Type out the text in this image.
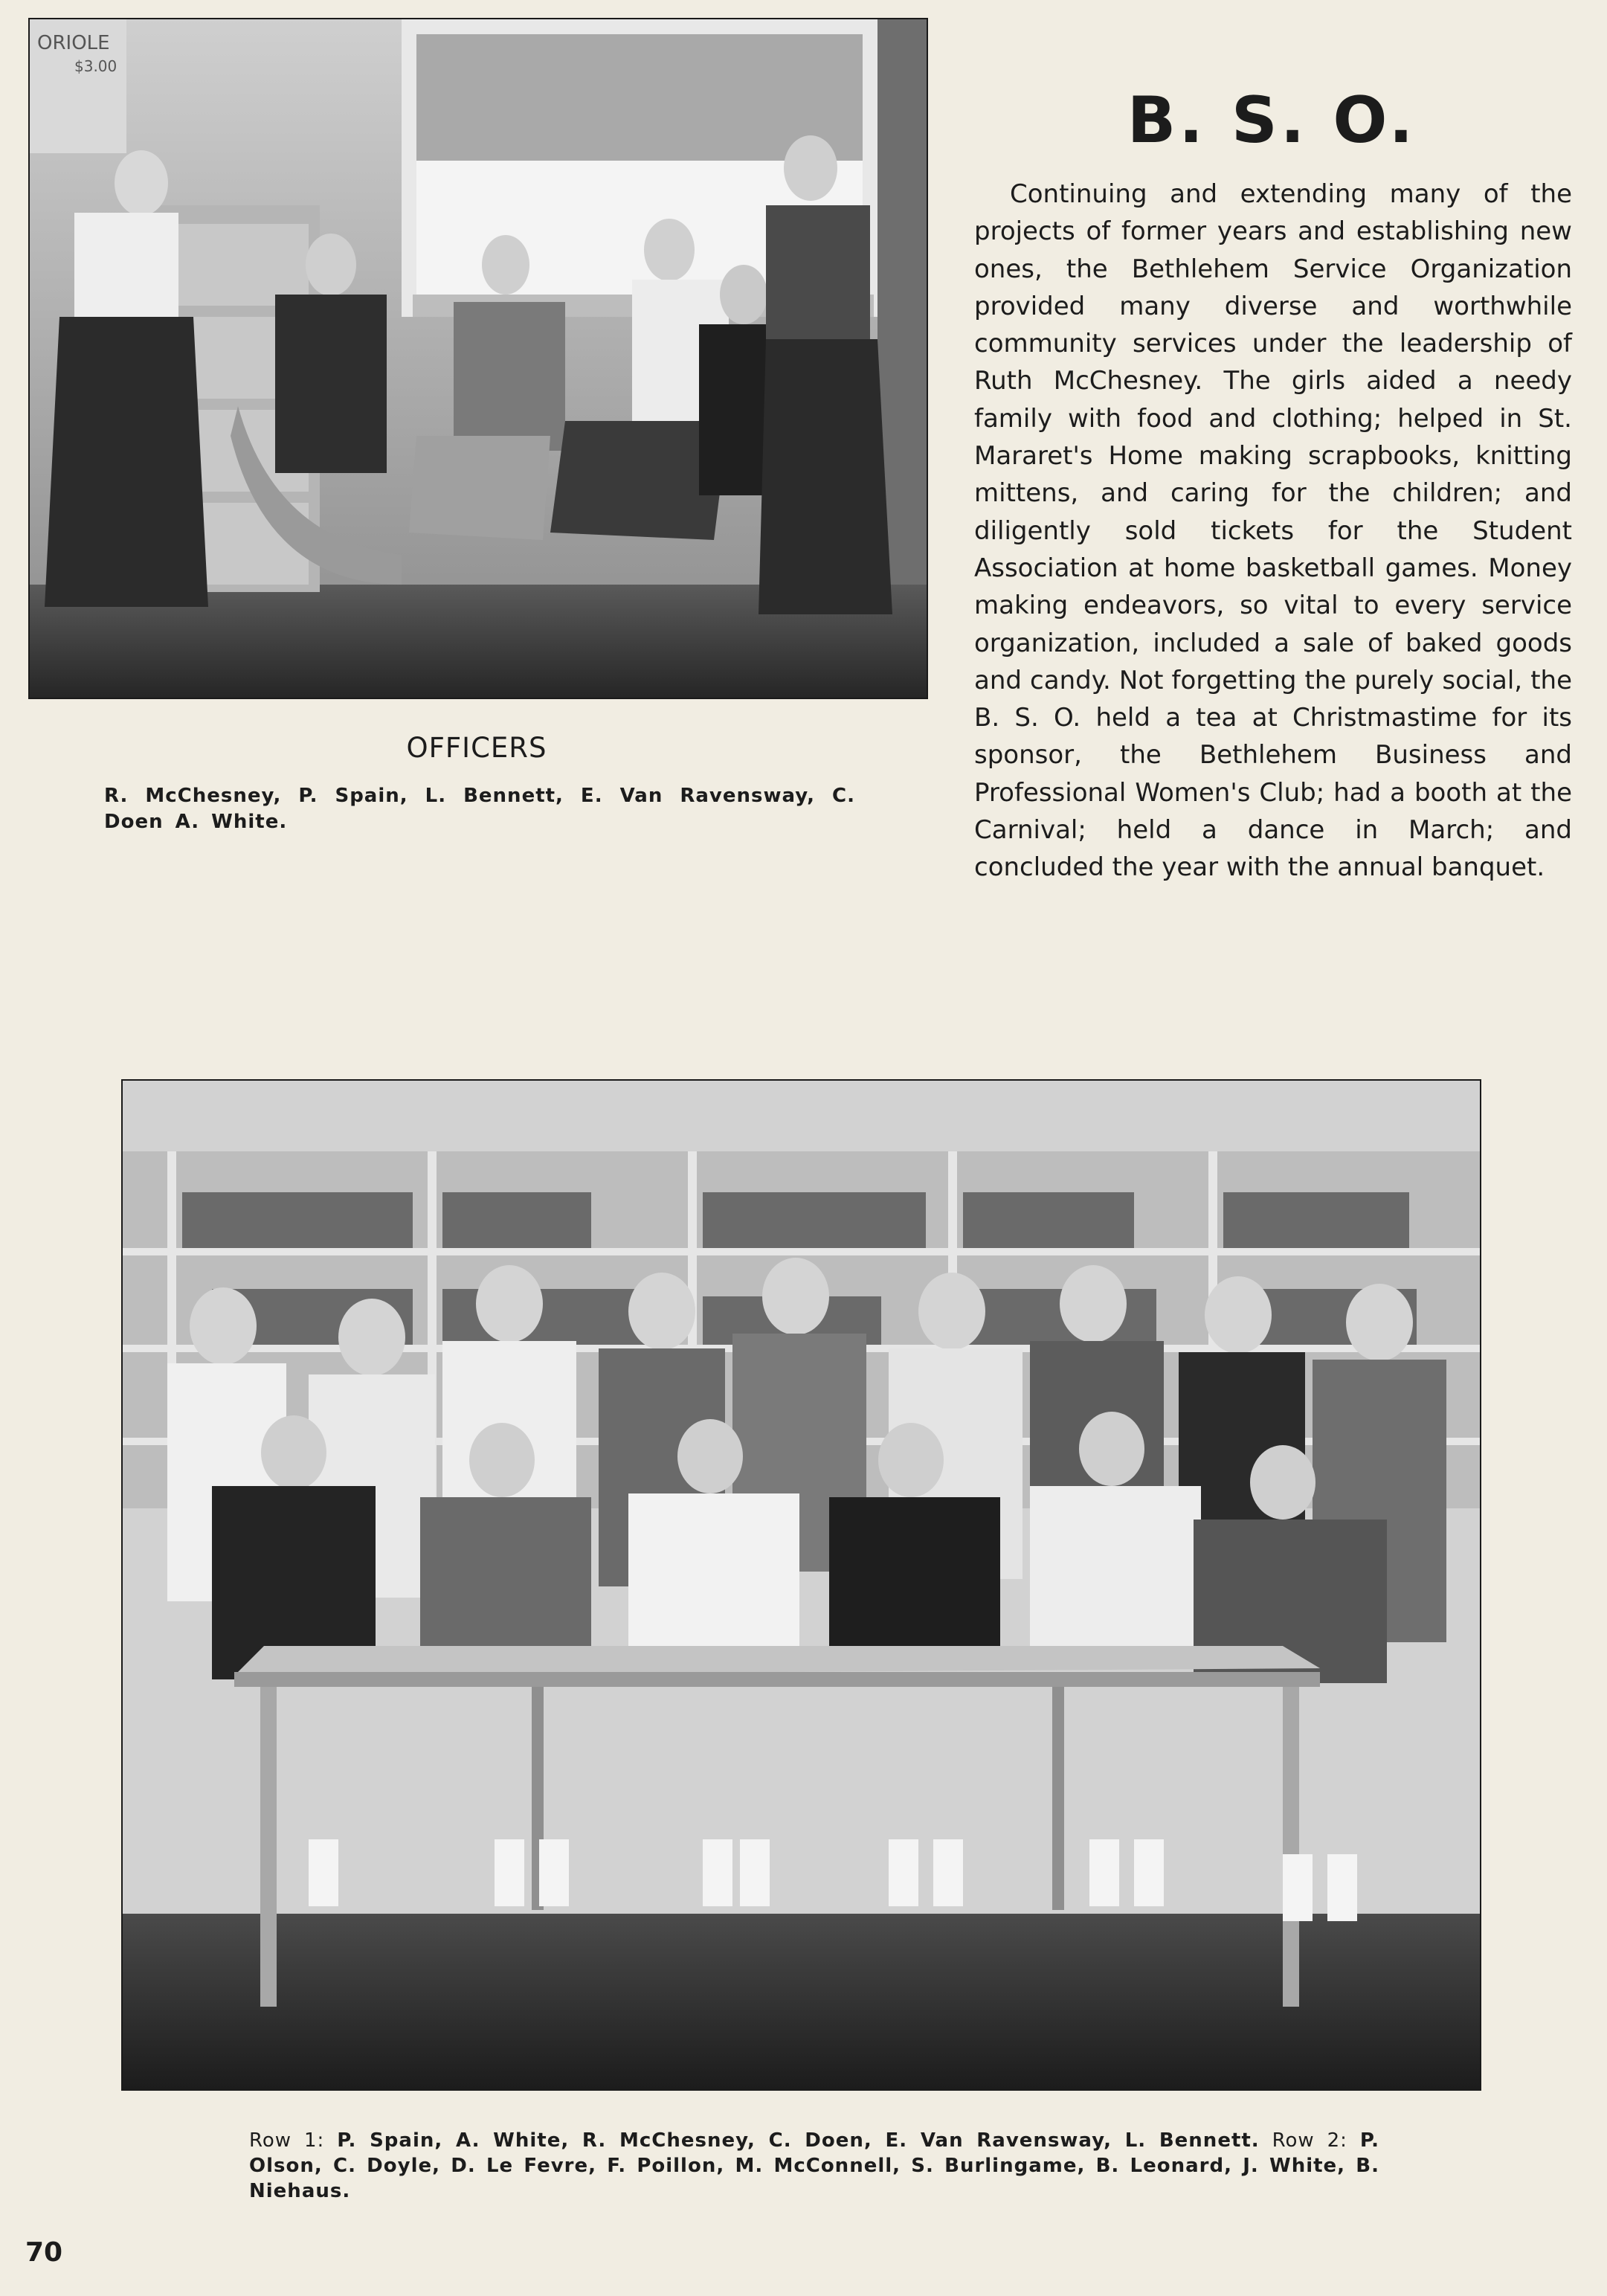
ORIOLE
$3.00
B. S. O.

Continuing and extending many of the projects of former years and establishing new ones, the Bethlehem Service Organization provided many diverse and worthwhile community services under the leadership of Ruth McChesney. The girls aided a needy family with food and clothing; helped in St. Mararet's Home making scrapbooks, knitting mittens, and caring for the children; and diligently sold tickets for the Student Association at home basketball games. Money making endeavors, so vital to every service organization, included a sale of baked goods and candy. Not forgetting the purely social, the B. S. O. held a tea at Christmastime for its sponsor, the Bethlehem Business and Professional Women's Club; had a booth at the Carnival; held a dance in March; and concluded the year with the annual banquet.

OFFICERS

R. McChesney, P. Spain, L. Bennett, E. Van Ravensway, C. Doen A. White.

Row 1: P. Spain, A. White, R. McChesney, C. Doen, E. Van Ravensway, L. Bennett. Row 2: P. Olson, C. Doyle, D. Le Fevre, F. Poillon, M. McConnell, S. Burlingame, B. Leonard, J. White, B. Niehaus.

70
